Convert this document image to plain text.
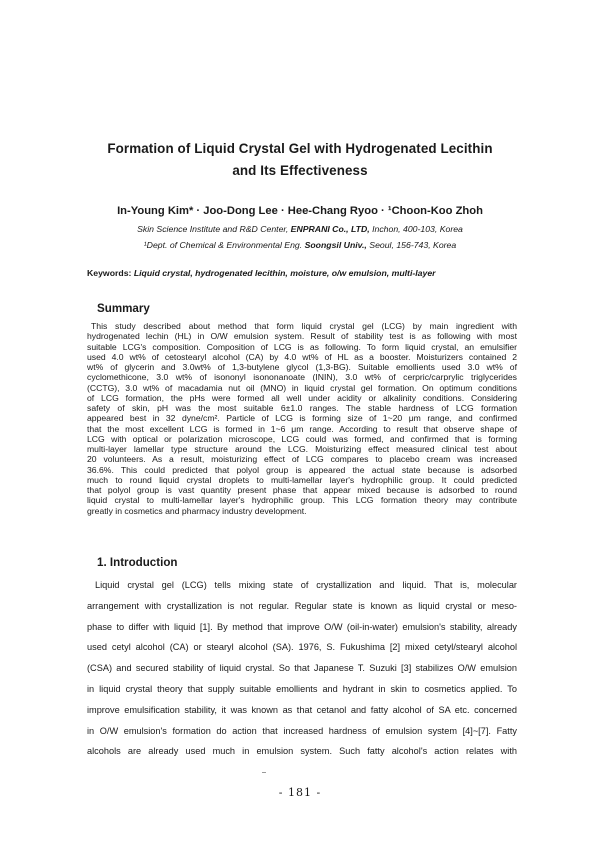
Formation of Liquid Crystal Gel with Hydrogenated Lecithin
and Its Effectiveness
In-Young Kim* · Joo-Dong Lee · Hee-Chang Ryoo · ¹Choon-Koo Zhoh
Skin Science Institute and R&D Center, ENPRANI Co., LTD, Inchon, 400-103, Korea
¹Dept. of Chemical & Environmental Eng. Soongsil Univ., Seoul, 156-743, Korea
Keywords: Liquid crystal, hydrogenated lecithin, moisture, o/w emulsion, multi-layer
Summary
This study described about method that form liquid crystal gel (LCG) by main ingredient with
hydrogenated lechin (HL) in O/W emulsion system. Result of stability test is as following with most
suitable LCG's composition. Composition of LCG is as following. To form liquid crystal, an emulsifier
used 4.0 wt% of cetostearyl alcohol (CA) by 4.0 wt% of HL as a booster. Moisturizers contained 2
wt% of glycerin and 3.0wt% of 1,3-butylene glycol (1,3-BG). Suitable emollients used 3.0 wt% of
cyclomethicone, 3.0 wt% of isononyl isononanoate (ININ), 3.0 wt% of cerpric/carprylic triglycerides
(CCTG), 3.0 wt% of macadamia nut oil (MNO) in liquid crystal gel formation. On optimum conditions
of LCG formation, the pHs were formed all well under acidity or alkalinity conditions. Considering
safety of skin, pH was the most suitable 6±1.0 ranges. The stable hardness of LCG formation
appeared best in 32 dyne/cm². Particle of LCG is forming size of 1~20 μm range, and confirmed
that the most excellent LCG is formed in 1~6 μm range. According to result that observe shape of
LCG with optical or polarization microscope, LCG could was formed, and confirmed that is forming
multi-layer lamellar type structure around the LCG. Moisturizing effect measured clinical test about
20 volunteers. As a result, moisturizing effect of LCG compares to placebo cream was increased
36.6%. This could predicted that polyol group is appeared the actual state because is adsorbed
much to round liquid crystal droplets to multi-lamellar layer's hydrophilic group. It could predicted
that polyol group is vast quantity present phase that appear mixed because is adsorbed to round
liquid crystal to multi-lamellar layer's hydrophilic group. This LCG formation theory may contribute
greatly in cosmetics and pharmacy industry development.
1. Introduction
Liquid crystal gel (LCG) tells mixing state of crystallization and liquid. That is, molecular
arrangement with crystallization is not regular. Regular state is known as liquid crystal or meso-
phase to differ with liquid [1]. By method that improve O/W (oil-in-water) emulsion's stability, already
used cetyl alcohol (CA) or stearyl alcohol (SA). 1976, S. Fukushima [2] mixed cetyl/stearyl alcohol
(CSA) and secured stability of liquid crystal. So that Japanese T. Suzuki [3] stabilizes O/W emulsion
in liquid crystal theory that supply suitable emollients and hydrant in skin to cosmetics applied. To
improve emulsification stability, it was known as that cetanol and fatty alcohol of SA etc. concerned
in O/W emulsion's formation do action that increased hardness of emulsion system [4]~[7]. Fatty
alcohols are already used much in emulsion system. Such fatty alcohol's action relates with
- 181 -
